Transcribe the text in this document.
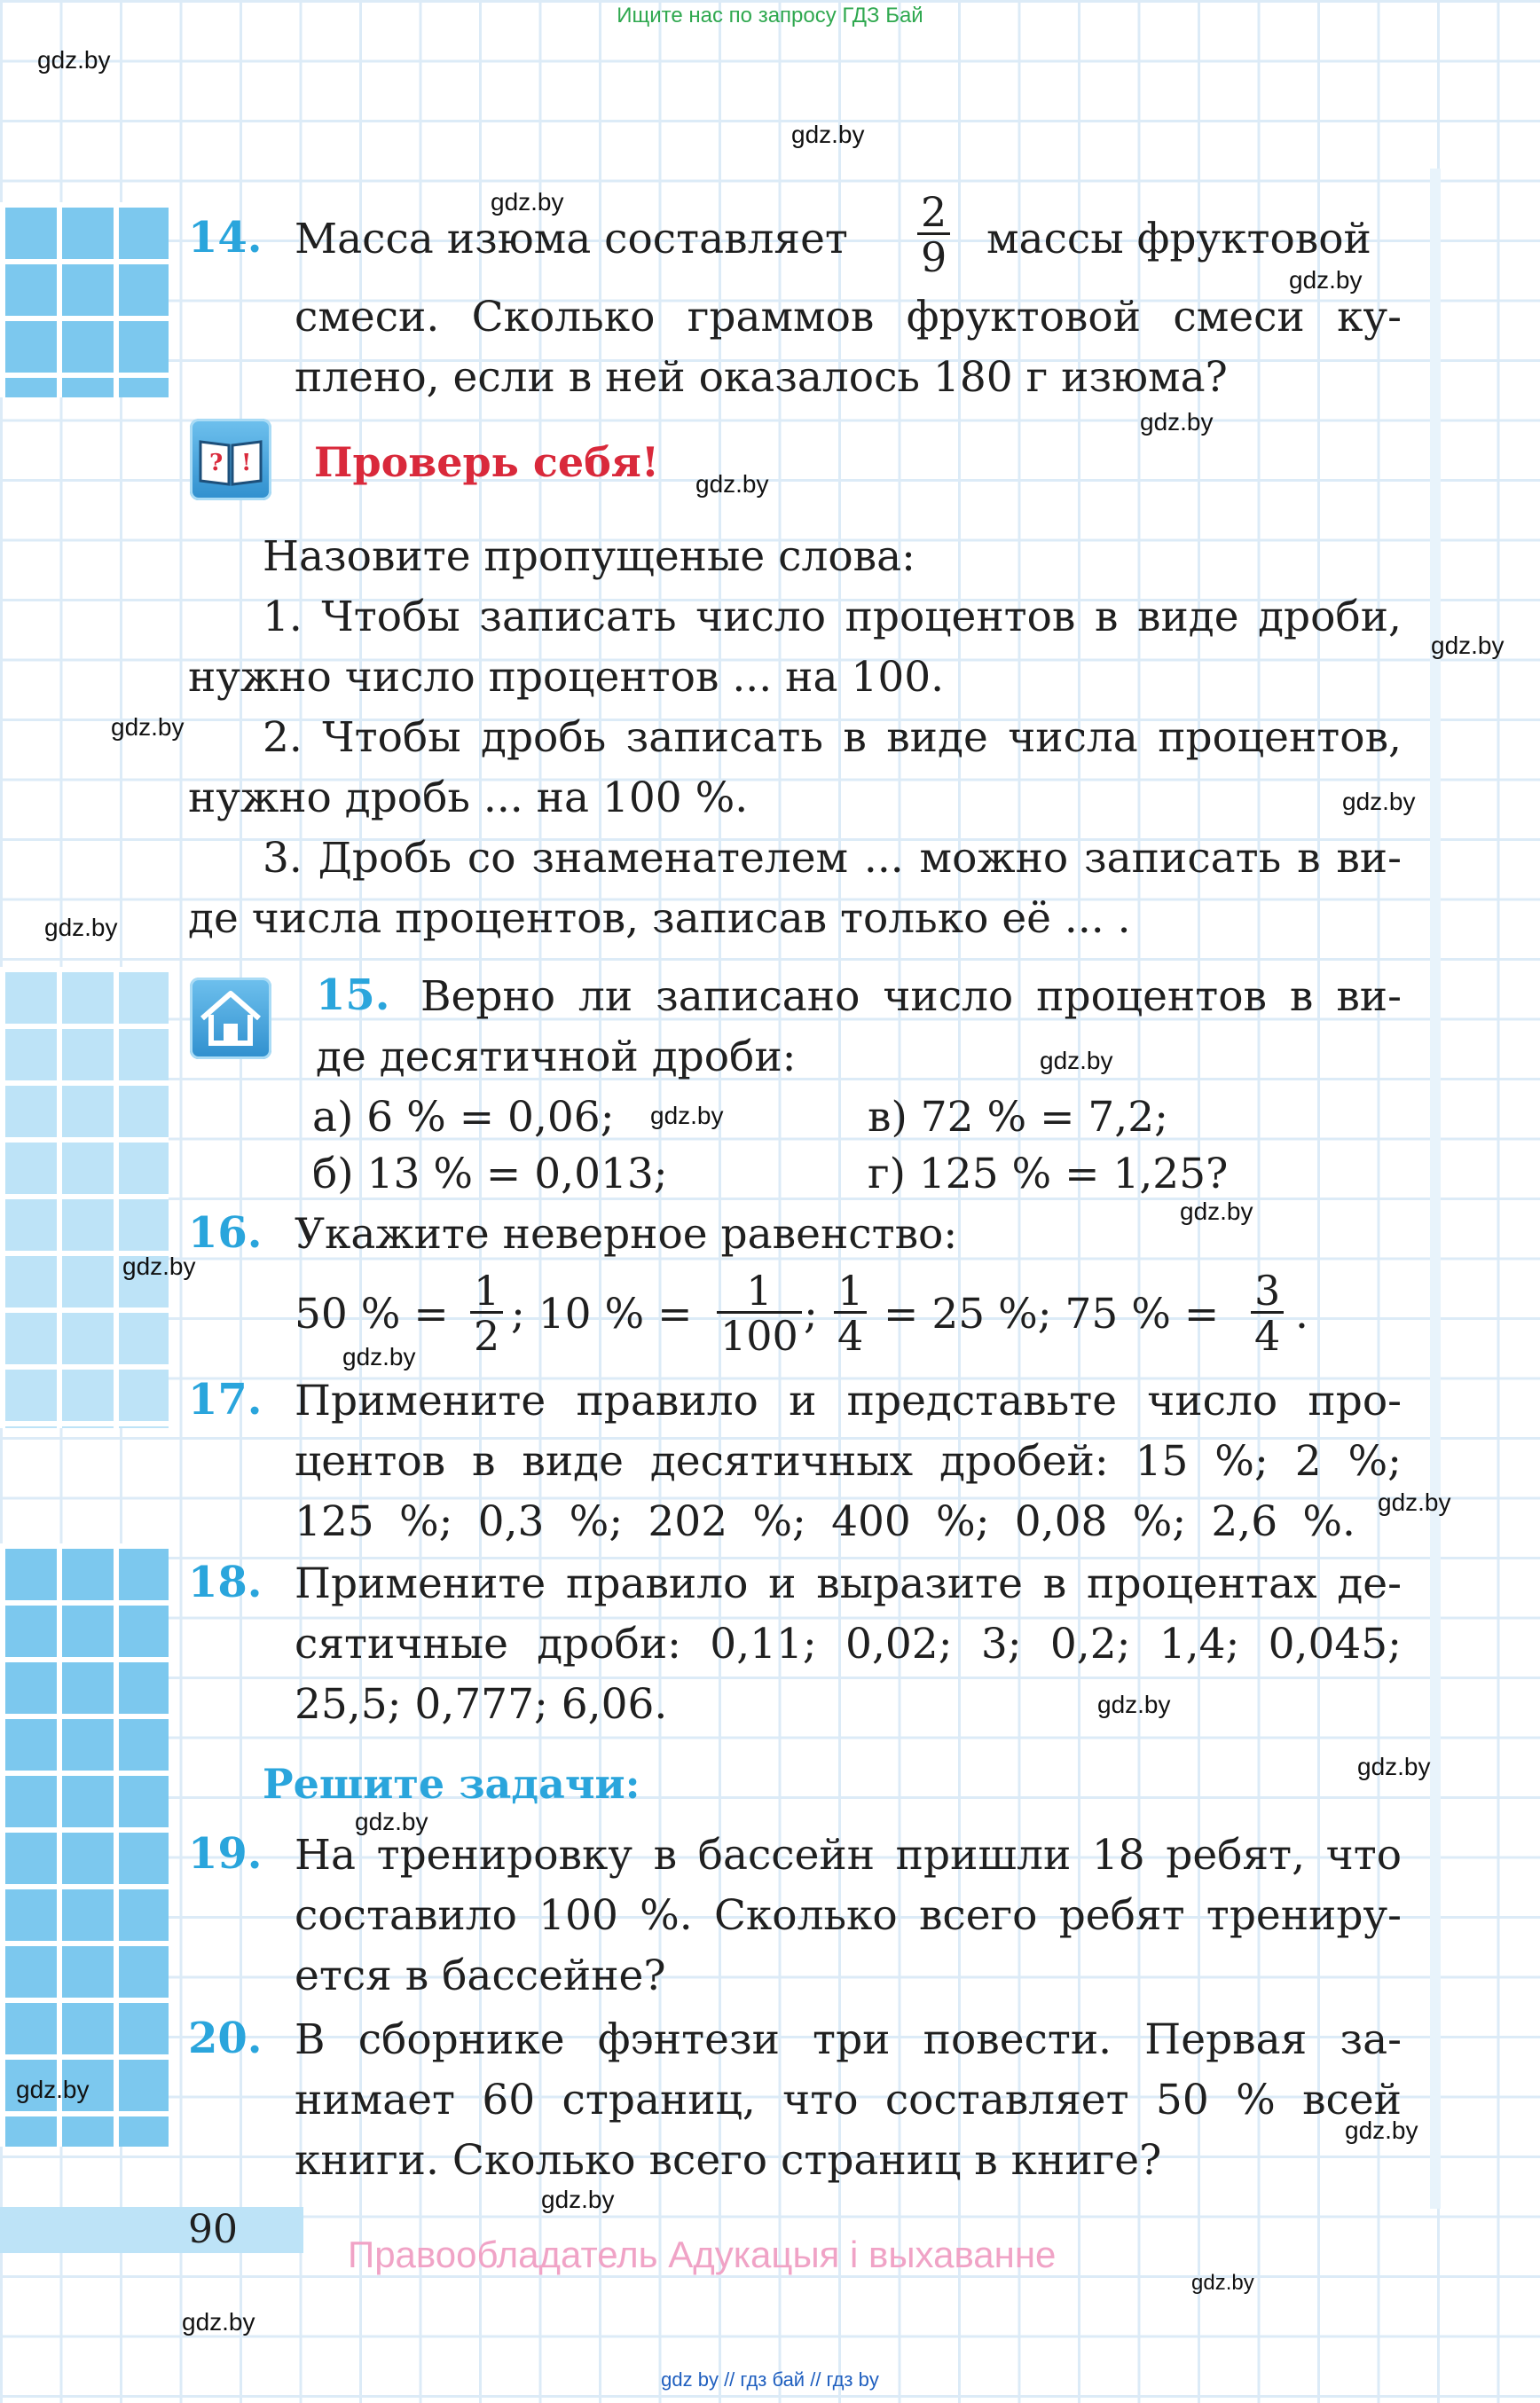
Ищите нас по запросу ГДЗ Бай
gdz.by
gdz.by
gdz.by
gdz.by
gdz.by
gdz.by
gdz.by
gdz.by
gdz.by
gdz.by
gdz.by
gdz.by
gdz.by
gdz.by
gdz.by
gdz.by
gdz.by
gdz.by
gdz.by
gdz.by
gdz.by
gdz.by
gdz.by
gdz.by
14. Масса изюма составляет $\frac{2}{9}$ массы фруктовой
смеси. Сколько граммов фруктовой смеси ку-
плено, если в ней оказалось 180 г изюма?
? ! Проверь себя!
Назовите пропущеные слова:
1. Чтобы записать число процентов в виде дроби,
нужно число процентов ... на 100.
2. Чтобы дробь записать в виде числа процентов,
нужно дробь ... на 100 %.
3. Дробь со знаменателем ... можно записать в ви-
де числа процентов, записав только её ... .
15. Верно ли записано число процентов в ви-
де десятичной дроби:
а) 6 % = 0,06;	в) 72 % = 7,2;
б) 13 % = 0,013;	г) 125 % = 1,25?
16. Укажите неверное равенство:
50 % = $\frac{1}{2}$ ; 10 % = $\frac{1}{100}$ ; $\frac{1}{4} = 25$ %; 75 % = $\frac{3}{4}$ .
17. Примените правило и представьте число про-
центов в виде десятичных дробей: 15 %; 2 %;
125 %; 0,3 %; 202 %; 400 %; 0,08 %; 2,6 %.
18. Примените правило и выразите в процентах де-
сятичные дроби: 0,11; 0,02; 3; 0,2; 1,4; 0,045;
25,5; 0,777; 6,06.
Решите задачи:
19. На тренировку в бассейн пришли 18 ребят, что
составило 100 %. Сколько всего ребят трениру-
ется в бассейне?
20. В сборнике фэнтези три повести. Первая за-
нимает 60 страниц, что составляет 50 % всей
книги. Сколько всего страниц в книге?
90
Правообладатель Адукацыя і выхаванне
gdz by // гдз бай // гдз by
